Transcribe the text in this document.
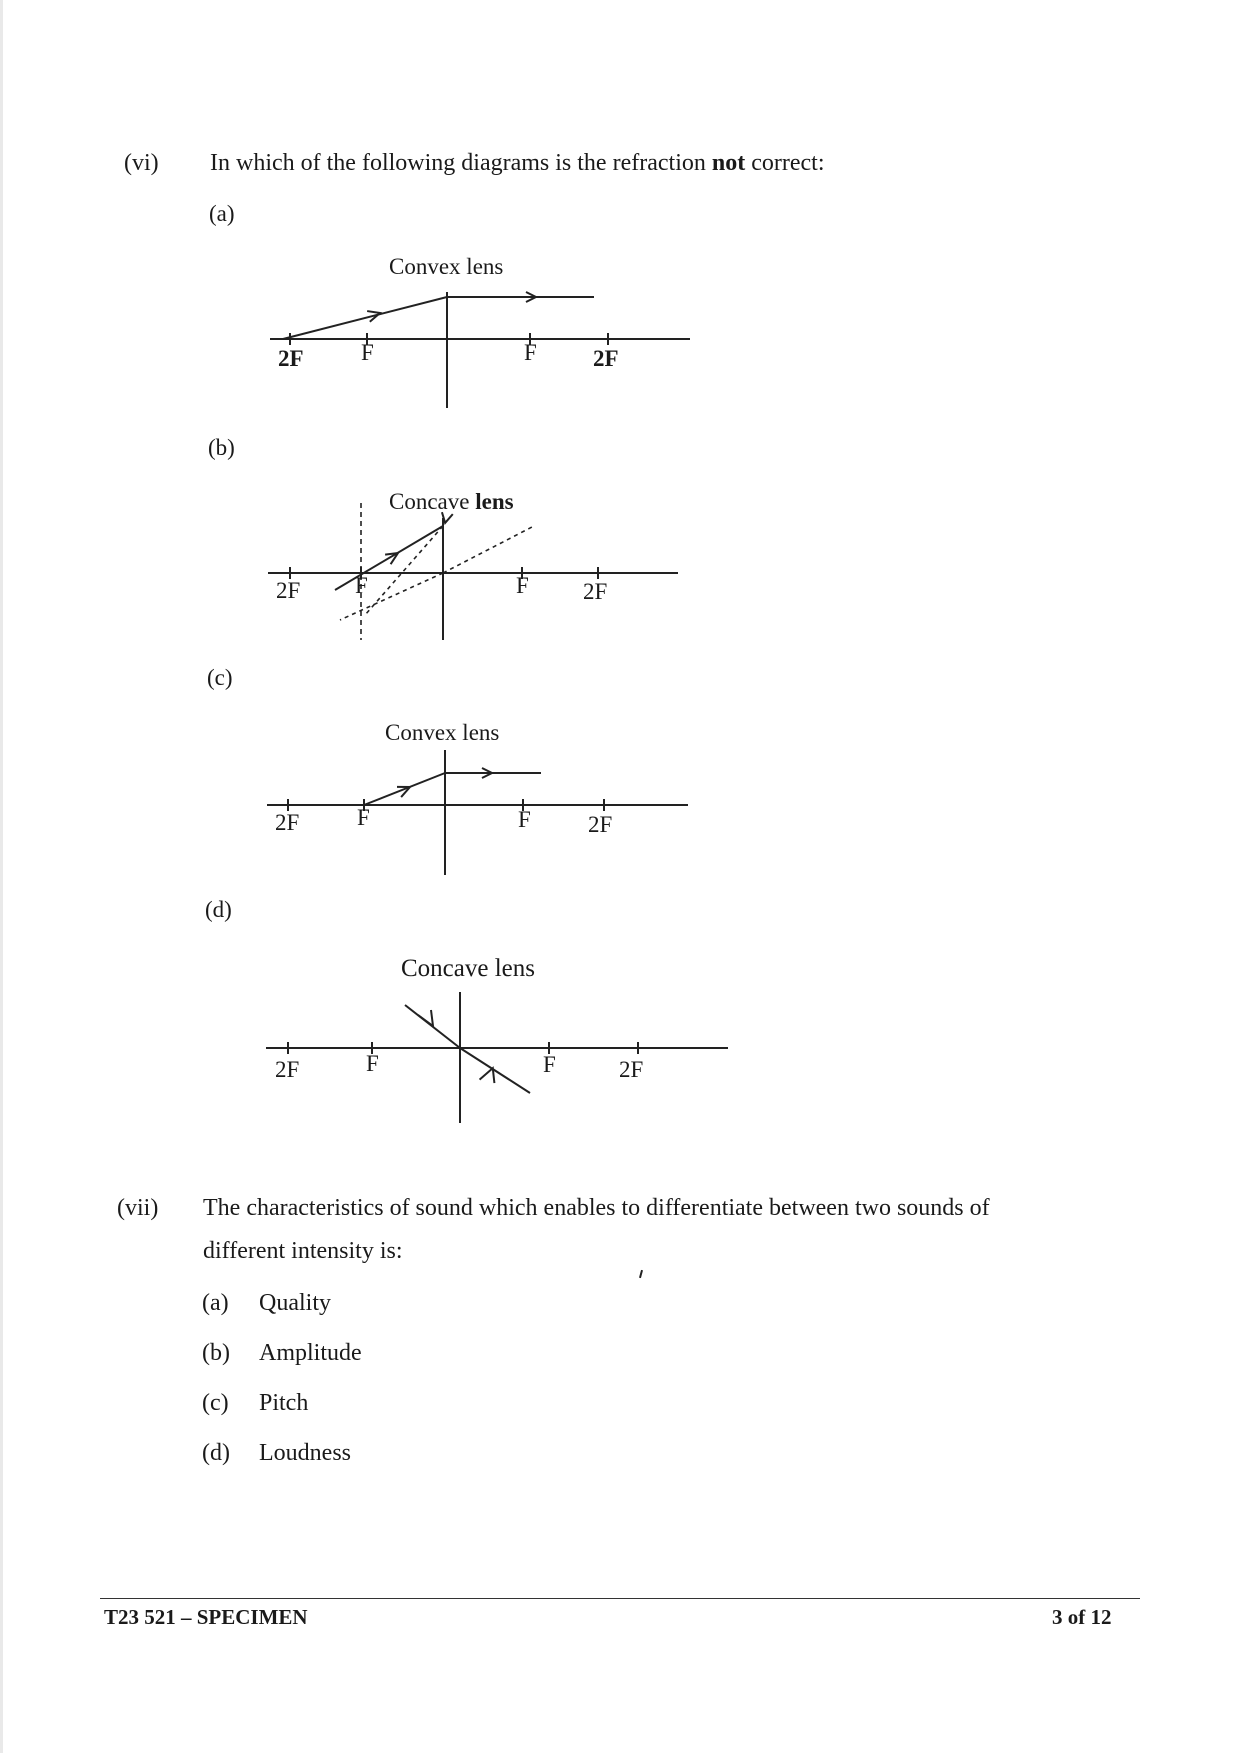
(vi) In which of the following diagrams is the refraction not correct:
(a)
Convex lens
2F F	F 2F
Concave lens
2F F	F 2F
Convex lens
2F	F	F 2F
Concave lens
2F	F	F	2F
(b)
(c)
(d)
(vii) The characteristics of sound which enables to differentiate between two sounds of
different intensity is:
(a) Quality
(b) Amplitude
(c) Pitch
(d) Loudness
T23 521 – SPECIMEN	3 of 12
